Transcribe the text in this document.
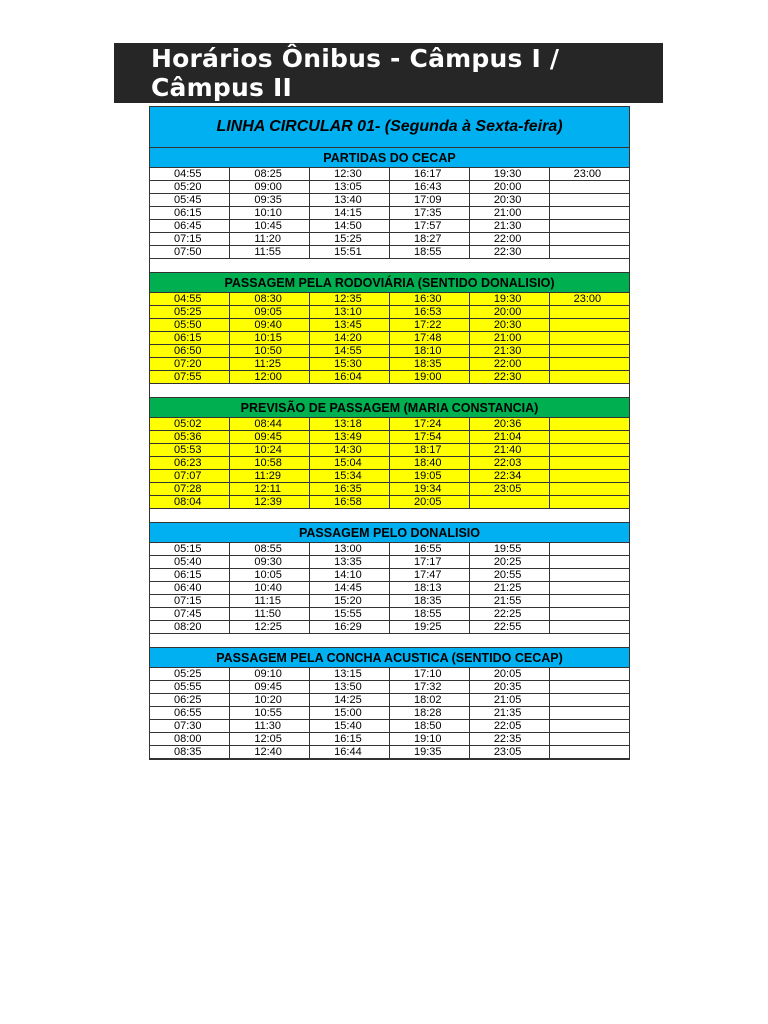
Horários Ônibus - Câmpus I / Câmpus II
LINHA CIRCULAR 01- (Segunda à Sexta-feira)
PARTIDAS DO CECAP
04:55	08:25	12:30	16:17	19:30	23:00
05:20	09:00	13:05	16:43	20:00	
05:45	09:35	13:40	17:09	20:30	
06:15	10:10	14:15	17:35	21:00	
06:45	10:45	14:50	17:57	21:30	
07:15	11:20	15:25	18:27	22:00	
07:50	11:55	15:51	18:55	22:30	
PASSAGEM PELA RODOVIÁRIA (SENTIDO DONALISIO)
04:55	08:30	12:35	16:30	19:30	23:00
05:25	09:05	13:10	16:53	20:00	
05:50	09:40	13:45	17:22	20:30	
06:15	10:15	14:20	17:48	21:00	
06:50	10:50	14:55	18:10	21:30	
07:20	11:25	15:30	18:35	22:00	
07:55	12:00	16:04	19:00	22:30	
PREVISÃO DE PASSAGEM (MARIA CONSTANCIA)
05:02	08:44	13:18	17:24	20:36	
05:36	09:45	13:49	17:54	21:04	
05:53	10:24	14:30	18:17	21:40	
06:23	10:58	15:04	18:40	22:03	
07:07	11:29	15:34	19:05	22:34	
07:28	12:11	16:35	19:34	23:05	
08:04	12:39	16:58	20:05		
PASSAGEM PELO DONALISIO
05:15	08:55	13:00	16:55	19:55	
05:40	09:30	13:35	17:17	20:25	
06:15	10:05	14:10	17:47	20:55	
06:40	10:40	14:45	18:13	21:25	
07:15	11:15	15:20	18:35	21:55	
07:45	11:50	15:55	18:55	22:25	
08:20	12:25	16:29	19:25	22:55	
PASSAGEM PELA CONCHA ACUSTICA (SENTIDO CECAP)
05:25	09:10	13:15	17:10	20:05	
05:55	09:45	13:50	17:32	20:35	
06:25	10:20	14:25	18:02	21:05	
06:55	10:55	15:00	18:28	21:35	
07:30	11:30	15:40	18:50	22:05	
08:00	12:05	16:15	19:10	22:35	
08:35	12:40	16:44	19:35	23:05	
